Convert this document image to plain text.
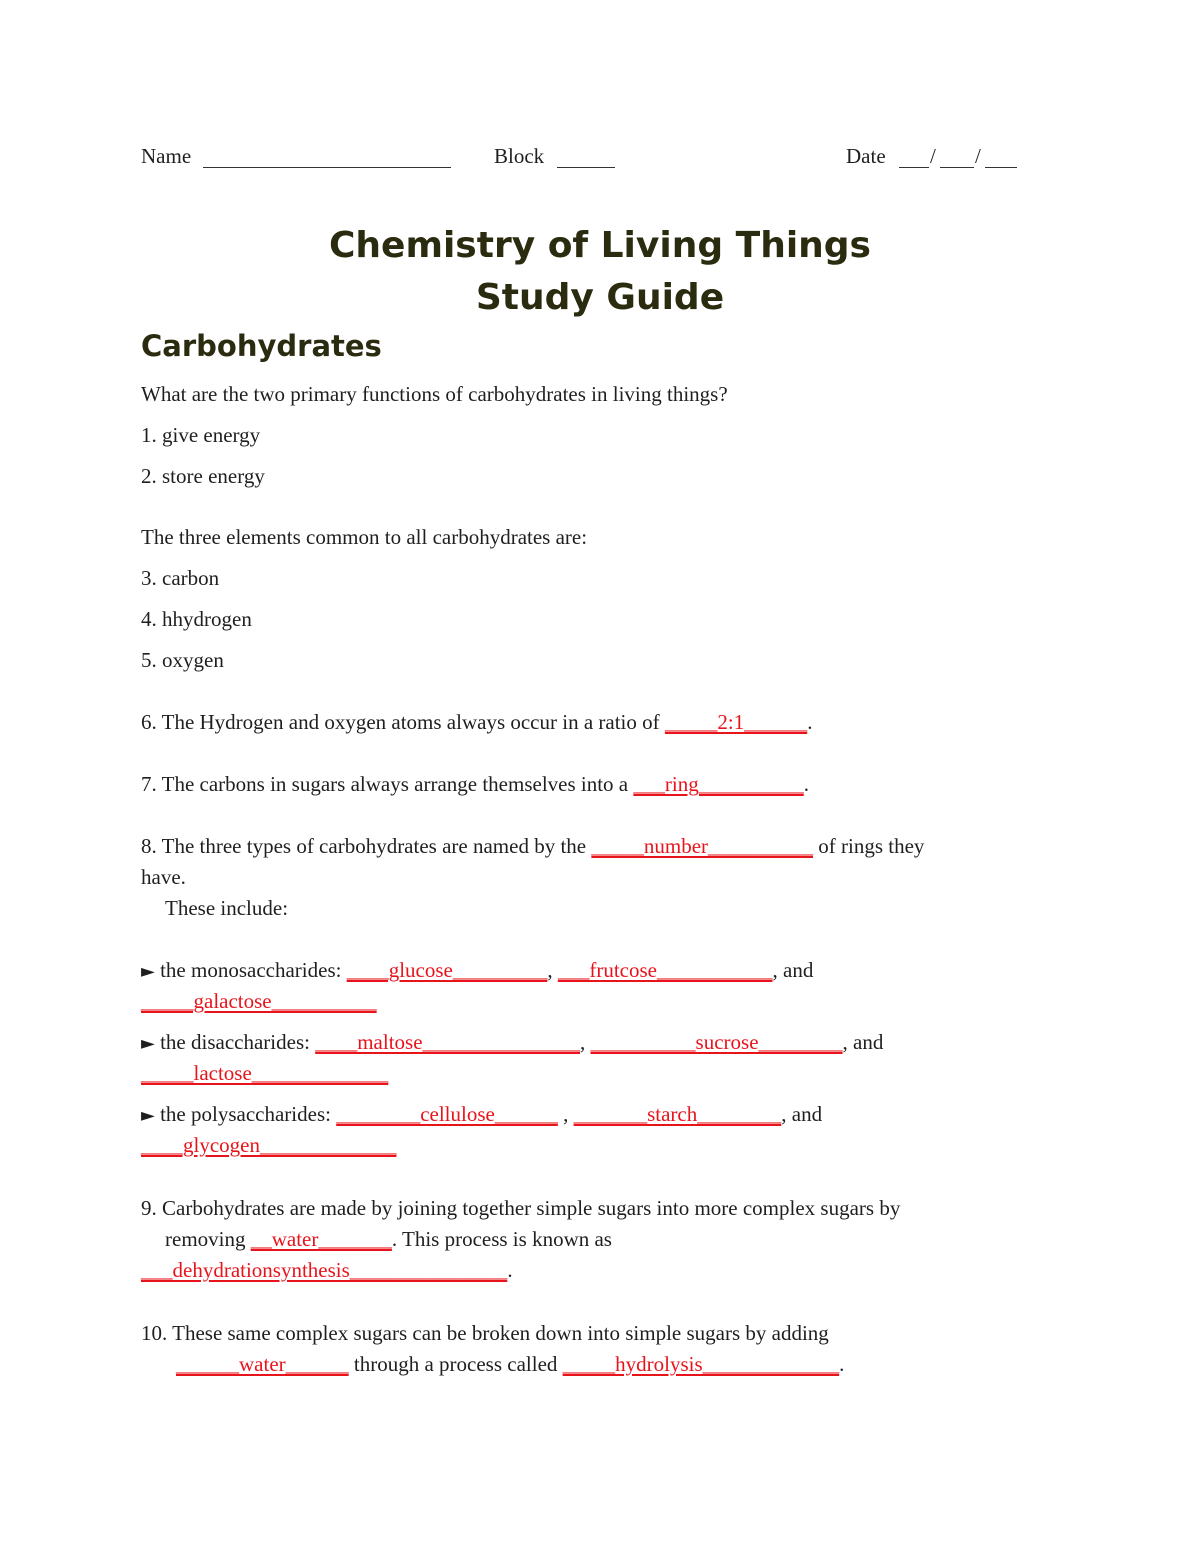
Name	Block	Date / /
Chemistry of Living Things
Study Guide
Carbohydrates
What are the two primary functions of carbohydrates in living things?
1. give energy
2. store energy
The three elements common to all carbohydrates are:
3. carbon
4. hhydrogen
5. oxygen
6. The Hydrogen and oxygen atoms always occur in a ratio of _____2:1______.
7. The carbons in sugars always arrange themselves into a ___ring__________.
8. The three types of carbohydrates are named by the _____number__________ of rings they
have.
These include:
► the monosaccharides: ____glucose_________, ___frutcose___________, and
_____galactose__________
► the disaccharides: ____maltose_______________, __________sucrose________, and
_____lactose_____________
► the polysaccharides: ________cellulose______ , _______starch________, and
____glycogen_____________
9. Carbohydrates are made by joining together simple sugars into more complex sugars by
removing __water_______. This process is known as
___dehydrationsynthesis_______________.
10. These same complex sugars can be broken down into simple sugars by adding
______water______ through a process called _____hydrolysis_____________.
